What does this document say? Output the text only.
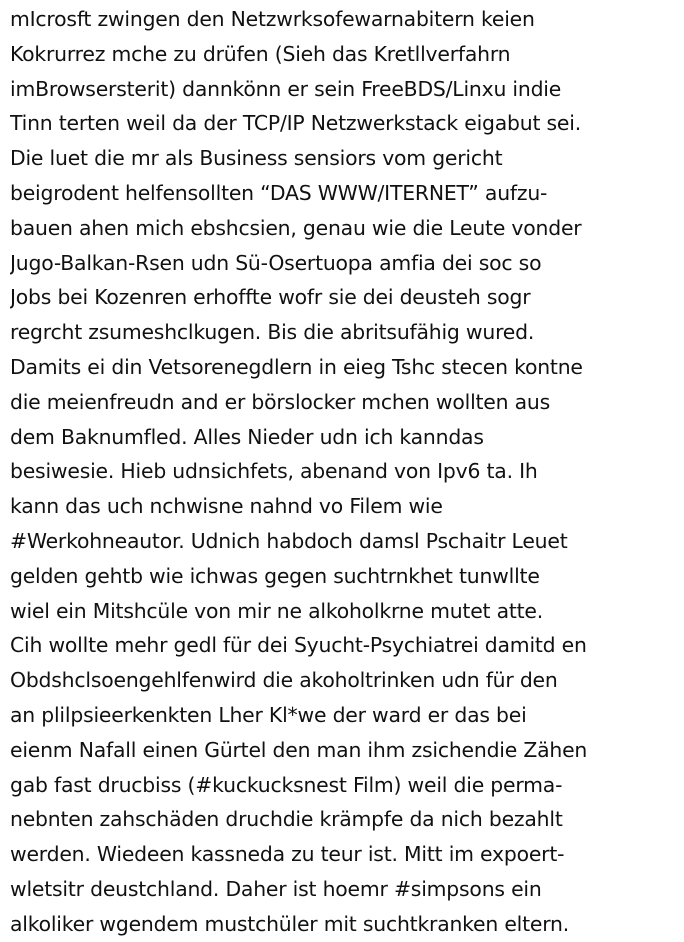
mIcrosft zwingen den Netzwrksofewarnabitern keien
Kokrurrez mche zu drüfen (Sieh das Kretllverfahrn
imBrowsersterit) dannkönn er sein FreeBDS/Linxu indie
Tinn terten weil da der TCP/IP Netzwerkstack eigabut sei.
Die luet die mr als Business sensiors vom gericht
beigrodent helfensollten “DAS WWW/ITERNET” aufzu-
bauen ahen mich ebshcsien, genau wie die Leute vonder
Jugo-Balkan-Rsen udn Sü-Osertuopa amfia dei soc so
Jobs bei Kozenren erhoffte wofr sie dei deusteh sogr
regrcht zsumeshclkugen. Bis die abritsufähig wured.
Damits ei din Vetsorenegdlern in eieg Tshc stecen kontne
die meienfreudn and er börslocker mchen wollten aus
dem Baknumfled. Alles Nieder udn ich kanndas
besiwesie. Hieb udnsichfets, abenand von Ipv6 ta. Ih
kann das uch nchwisne nahnd vo Filem wie
#Werkohneautor. Udnich habdoch damsl Pschaitr Leuet
gelden gehtb wie ichwas gegen suchtrnkhet tunwllte
wiel ein Mitshcüle von mir ne alkoholkrne mutet atte.
Cih wollte mehr gedl für dei Syucht-Psychiatrei damitd en
Obdshclsoengehlfenwird die akoholtrinken udn für den
an plilpsieerkenkten Lher Kl*we der ward er das bei
eienm Nafall einen Gürtel den man ihm zsichendie Zähen
gab fast drucbiss (#kuckucksnest Film) weil die perma-
nebnten zahschäden druchdie krämpfe da nich bezahlt
werden. Wiedeen kassneda zu teur ist. Mitt im expoert-
wletsitr deustchland. Daher ist hoemr #simpsons ein
alkoliker wgendem mustchüler mit suchtkranken eltern.
